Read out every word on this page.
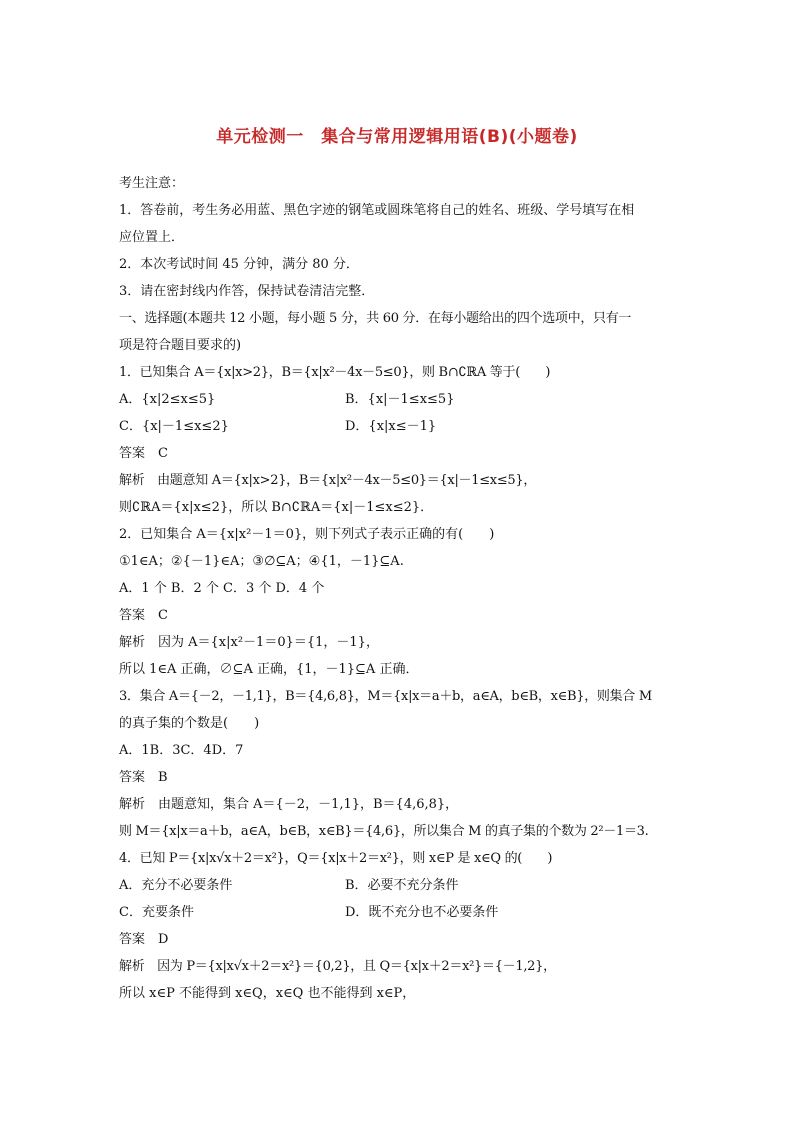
单元检测一　集合与常用逻辑用语(B)(小题卷)
考生注意：
1．答卷前，考生务必用蓝、黑色字迹的钢笔或圆珠笔将自己的姓名、班级、学号填写在相
应位置上．
2．本次考试时间 45 分钟，满分 80 分．
3．请在密封线内作答，保持试卷清洁完整．
一、选择题(本题共 12 小题，每小题 5 分，共 60 分．在每小题给出的四个选项中，只有一
项是符合题目要求的)
1．已知集合 A＝{x|x>2}，B＝{x|x²－4x－5≤0}，则 B∩∁ℝA 等于(　　)
A．{x|2≤x≤5}	B．{x|－1≤x≤5}
C．{x|－1≤x≤2}	D．{x|x≤－1}
答案　C
解析　由题意知 A＝{x|x>2}，B＝{x|x²－4x－5≤0}＝{x|－1≤x≤5}，
则∁ℝA＝{x|x≤2}，所以 B∩∁ℝA＝{x|－1≤x≤2}．
2．已知集合 A＝{x|x²－1＝0}，则下列式子表示正确的有(　　)
①1∈A；②{－1}∈A；③∅⊆A；④{1，－1}⊆A.
A．1 个 B．2 个 C．3 个 D．4 个
答案　C
解析　因为 A＝{x|x²－1＝0}＝{1，－1}，
所以 1∈A 正确，∅⊆A 正确，{1，－1}⊆A 正确．
3．集合 A＝{－2，－1,1}，B＝{4,6,8}，M＝{x|x＝a＋b，a∈A，b∈B，x∈B}，则集合 M
的真子集的个数是(　　)
A．1B．3C．4D．7
答案　B
解析　由题意知，集合 A＝{－2，－1,1}，B＝{4,6,8}，
则 M＝{x|x＝a＋b，a∈A，b∈B，x∈B}＝{4,6}，所以集合 M 的真子集的个数为 2²－1＝3.
4．已知 P＝{x|x√x＋2＝x²}，Q＝{x|x＋2＝x²}，则 x∈P 是 x∈Q 的(　　)
A．充分不必要条件	B．必要不充分条件
C．充要条件	D．既不充分也不必要条件
答案　D
解析　因为 P＝{x|x√x＋2＝x²}＝{0,2}，且 Q＝{x|x＋2＝x²}＝{－1,2}，
所以 x∈P 不能得到 x∈Q，x∈Q 也不能得到 x∈P，
